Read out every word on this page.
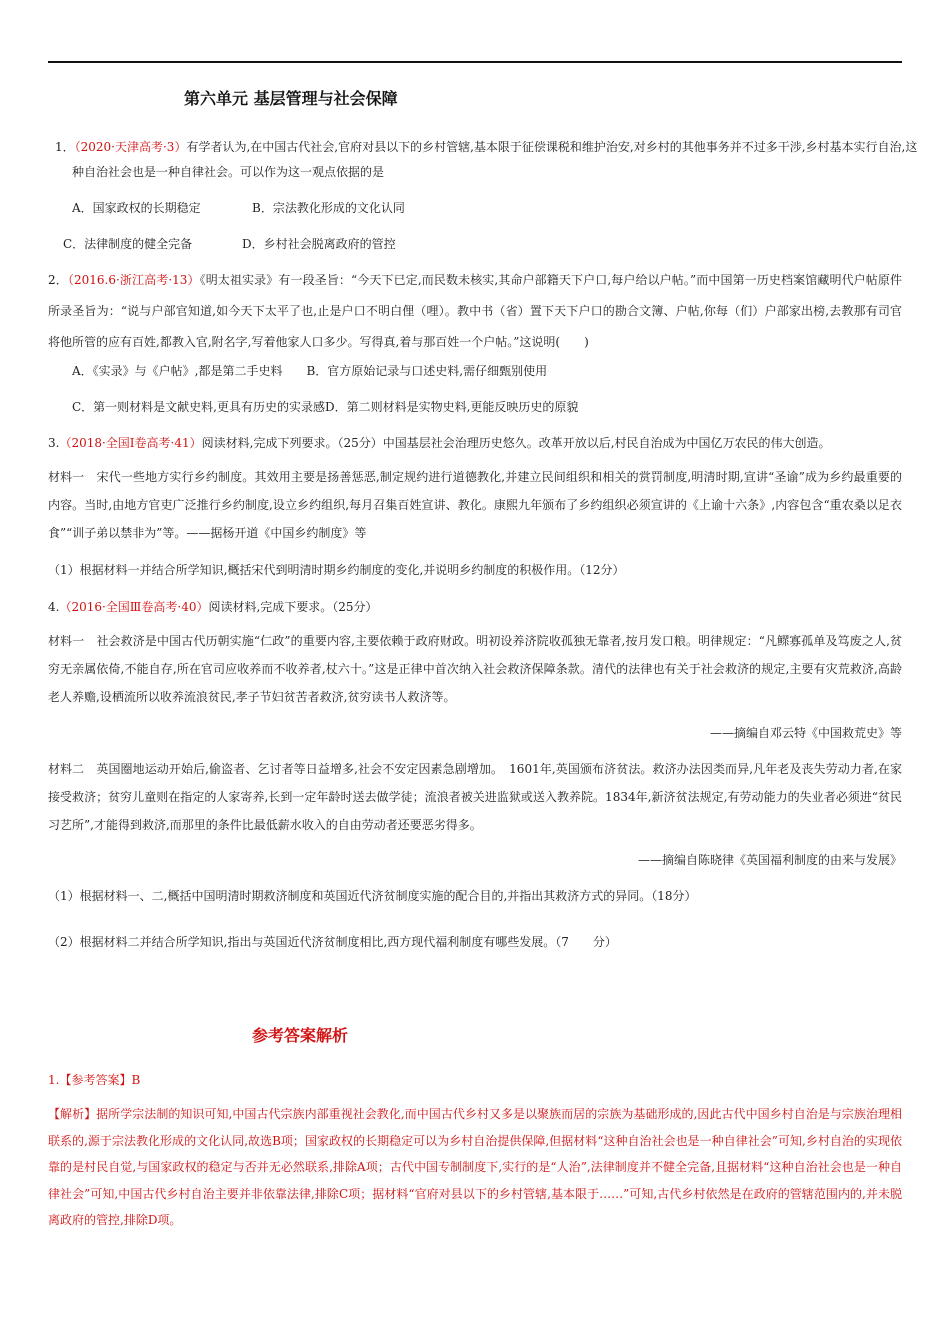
第六单元 基层管理与社会保障
1．（2020·天津高考·3）有学者认为,在中国古代社会,官府对县以下的乡村管辖,基本限于征偿课税和维护治安,对乡村的其他事务并不过多干涉,乡村基本实行自治,这
种自治社会也是一种自律社会。可以作为这一观点依据的是
A．国家政权的长期稳定	B．宗法教化形成的文化认同
C．法律制度的健全完备	D．乡村社会脱离政府的管控
2．（2016.6·浙江高考·13）《明太祖实录》有一段圣旨：“今天下已定,而民数未核实,其命户部籍天下户口,每户给以户帖。”而中国第一历史档案馆藏明代户帖原件所录圣旨为：“说与户部官知道,如今天下太平了也,止是户口不明白俚（哩）。教中书（省）置下天下户口的勘合文簿、户帖,你每（们）户部家出榜,去教那有司官将他所管的应有百姓,都教入官,附名字,写着他家人口多少。写得真,着与那百姓一个户帖。”这说明(　　)
A．《实录》与《户帖》,都是第二手史料　　B．官方原始记录与口述史料,需仔细甄别使用
C．第一则材料是文献史料,更具有历史的实录感D．第二则材料是实物史料,更能反映历史的原貌
3.（2018·全国Ⅰ卷高考·41）阅读材料,完成下列要求。（25分）中国基层社会治理历史悠久。改革开放以后,村民自治成为中国亿万农民的伟大创造。
材料一　宋代一些地方实行乡约制度。其效用主要是扬善惩恶,制定规约进行道德教化,并建立民间组织和相关的赏罚制度,明清时期,宣讲“圣谕”成为乡约最重要的内容。当时,由地方官吏广泛推行乡约制度,设立乡约组织,每月召集百姓宣讲、教化。康熙九年颁布了乡约组织必须宣讲的《上谕十六条》,内容包含“重农桑以足衣食”“训子弟以禁非为”等。——据杨开道《中国乡约制度》等
（1）根据材料一并结合所学知识,概括宋代到明清时期乡约制度的变化,并说明乡约制度的积极作用。（12分）
4.（2016·全国Ⅲ卷高考·40）阅读材料,完成下要求。（25分）
材料一　社会救济是中国古代历朝实施“仁政”的重要内容,主要依赖于政府财政。明初设养济院收孤独无靠者,按月发口粮。明律规定：“凡鳏寡孤单及笃废之人,贫穷无亲属依倚,不能自存,所在官司应收养而不收养者,杖六十。”这是正律中首次纳入社会救济保障条款。清代的法律也有关于社会救济的规定,主要有灾荒救济,高龄老人养赡,设栖流所以收养流浪贫民,孝子节妇贫苦者救济,贫穷读书人救济等。
——摘编自邓云特《中国救荒史》等
材料二　英国圈地运动开始后,偷盗者、乞讨者等日益增多,社会不安定因素急剧增加。　1601年,英国颁布济贫法。救济办法因类而异,凡年老及丧失劳动力者,在家接受救济；贫穷儿童则在指定的人家寄养,长到一定年龄时送去做学徒；流浪者被关进监狱或送入教养院。1834年,新济贫法规定,有劳动能力的失业者必须进“贫民习艺所”,才能得到救济,而那里的条件比最低薪水收入的自由劳动者还要恶劣得多。
——摘编自陈晓律《英国福利制度的由来与发展》
（1）根据材料一、二,概括中国明清时期救济制度和英国近代济贫制度实施的配合目的,并指出其救济方式的异同。（18分）
（2）根据材料二并结合所学知识,指出与英国近代济贫制度相比,西方现代福利制度有哪些发展。（7　　分）
参考答案解析
1.【参考答案】B
【解析】据所学宗法制的知识可知,中国古代宗族内部重视社会教化,而中国古代乡村又多是以聚族而居的宗族为基础形成的,因此古代中国乡村自治是与宗族治理相联系的,源于宗法教化形成的文化认同,故选B项；国家政权的长期稳定可以为乡村自治提供保障,但据材料“这种自治社会也是一种自律社会”可知,乡村自治的实现依靠的是村民自觉,与国家政权的稳定与否并无必然联系,排除A项；古代中国专制制度下,实行的是“人治”,法律制度并不健全完备,且据材料“这种自治社会也是一种自律社会”可知,中国古代乡村自治主要并非依靠法律,排除C项；据材料“官府对县以下的乡村管辖,基本限于……”可知,古代乡村依然是在政府的管辖范围内的,并未脱离政府的管控,排除D项。
